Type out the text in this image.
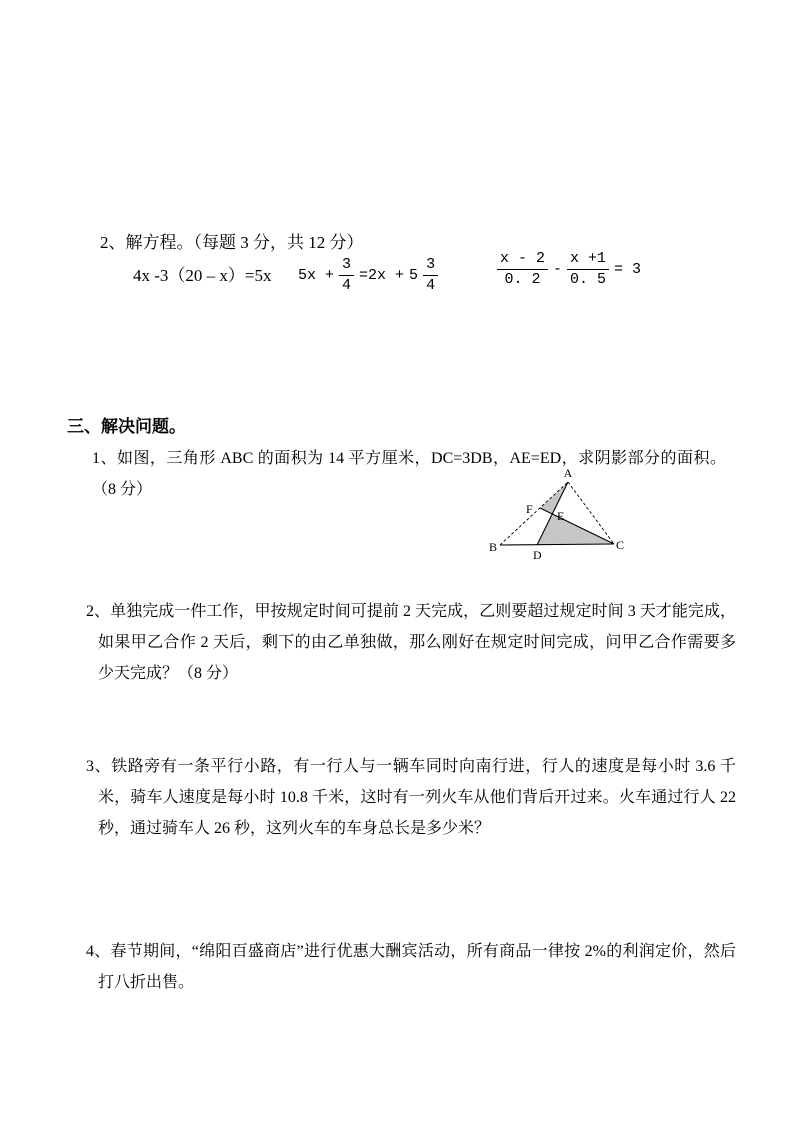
2、解方程。（每题 3 分，共 12 分）
4x -3（20 – x）=5x $5x + \frac{3}{4} =2x + 5 \frac{3}{4}$	$\frac{x - 2}{0. 2} - \frac{x +1}{0. 5} = 3$
三、解决问题。
1、如图，三角形 ABC 的面积为 14 平方厘米，DC=3DB，AE=ED，求阴影部分的面积。（8 分）
A
B	C
D
E
F
2、单独完成一件工作，甲按规定时间可提前 2 天完成，乙则要超过规定时间 3 天才能完成，如果甲乙合作 2 天后，剩下的由乙单独做，那么刚好在规定时间完成，问甲乙合作需要多少天完成？（8 分）
3、铁路旁有一条平行小路，有一行人与一辆车同时向南行进，行人的速度是每小时 3.6 千米，骑车人速度是每小时 10.8 千米，这时有一列火车从他们背后开过来。火车通过行人 22 秒，通过骑车人 26 秒，这列火车的车身总长是多少米？
4、春节期间，“绵阳百盛商店”进行优惠大酬宾活动，所有商品一律按 2%的利润定价，然后打八折出售。
